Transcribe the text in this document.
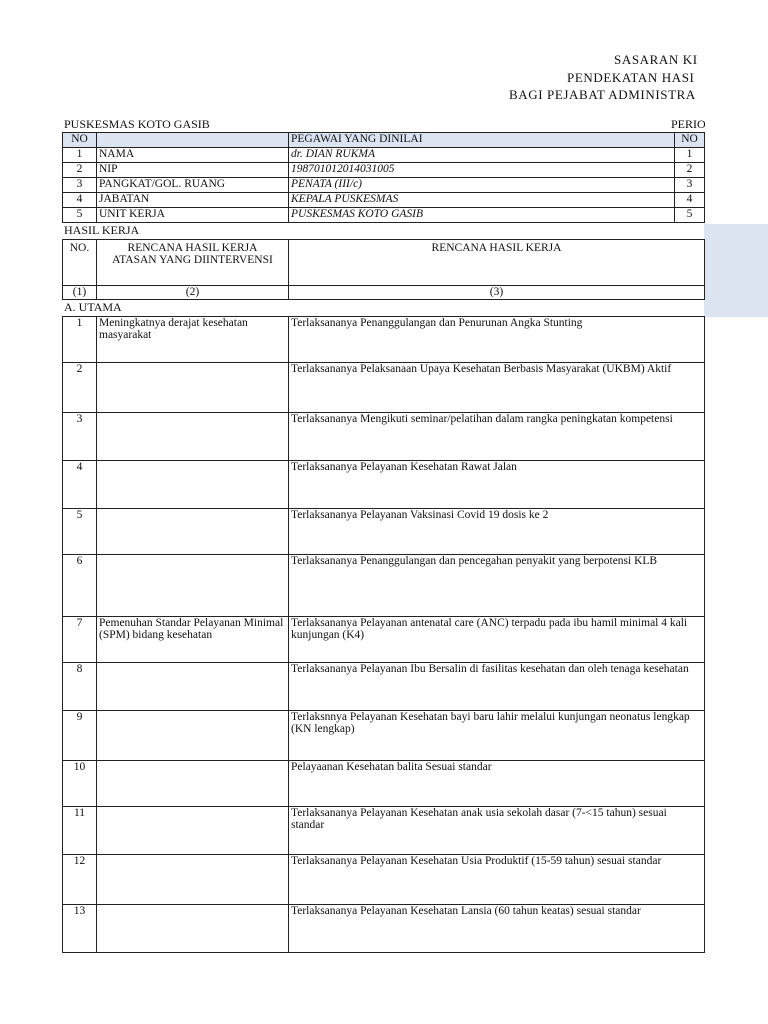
SASARAN KI
PENDEKATAN HASI
BAGI PEJABAT ADMINISTRA
PUSKESMAS KOTO GASIB	PERIO
NO		PEGAWAI YANG DINILAI	NO
1	NAMA	dr. DIAN RUKMA	1
2	NIP	198701012014031005	2
3	PANGKAT/GOL. RUANG	PENATA (III/c)	3
4	JABATAN	KEPALA PUSKESMAS	4
5	UNIT KERJA	PUSKESMAS KOTO GASIB	5
HASIL KERJA
NO.	RENCANA HASIL KERJA ATASAN YANG DIINTERVENSI	RENCANA HASIL KERJA
(1)	(2)	(3)
A. UTAMA
1	Meningkatnya derajat kesehatan masyarakat	Terlaksananya Penanggulangan dan Penurunan Angka Stunting
2		Terlaksananya Pelaksanaan Upaya Kesehatan Berbasis Masyarakat (UKBM) Aktif
3		Terlaksananya Mengikuti seminar/pelatihan dalam rangka peningkatan kompetensi
4		Terlaksananya Pelayanan Kesehatan Rawat Jalan
5		Terlaksananya Pelayanan Vaksinasi Covid 19 dosis ke 2
6		Terlaksananya Penanggulangan dan pencegahan penyakit yang berpotensi KLB
7	Pemenuhan Standar Pelayanan Minimal (SPM) bidang kesehatan	Terlaksananya Pelayanan antenatal care (ANC) terpadu pada ibu hamil minimal 4 kali kunjungan (K4)
8		Terlaksananya Pelayanan Ibu Bersalin di fasilitas kesehatan dan oleh tenaga kesehatan
9		Terlaksnnya Pelayanan Kesehatan bayi baru lahir melalui kunjungan neonatus lengkap (KN lengkap)
10		Pelayaanan Kesehatan balita Sesuai standar
11		Terlaksananya Pelayanan Kesehatan anak usia sekolah dasar (7-<15 tahun) sesuai standar
12		Terlaksananya Pelayanan Kesehatan Usia Produktif (15-59 tahun) sesuai standar
13		Terlaksananya Pelayanan Kesehatan Lansia (60 tahun keatas) sesuai standar
